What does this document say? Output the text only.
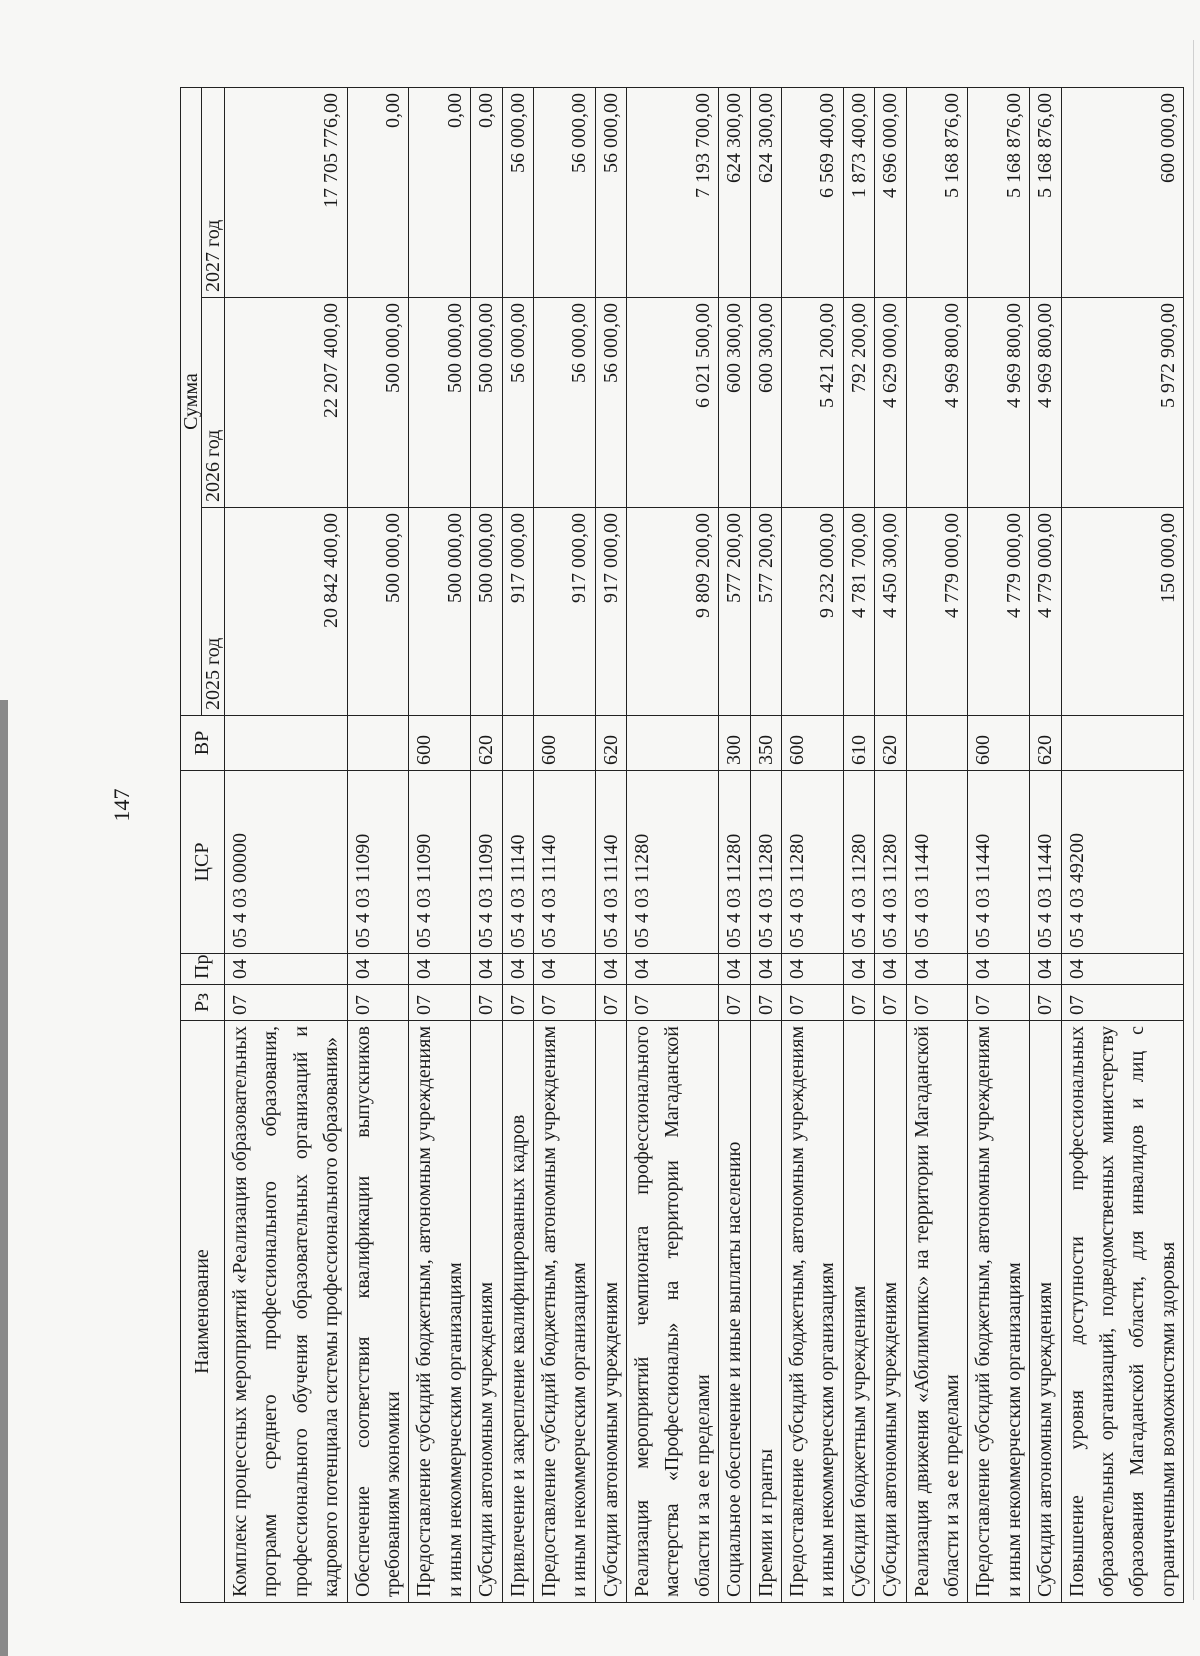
147
Наименование	Рз	Пр	ЦСР	ВР	Сумма		
					2025 год	2026 год	2027 год
Комплекс процессных мероприятий «Реализация образовательных программ среднего профессионального образования, профессионального обучения образовательных организаций и кадрового потенциала системы профессионального образования»	07	04	05 4 03 00000		20 842 400,00	22 207 400,00	17 705 776,00
Обеспечение соответствия квалификации выпускников требованиям экономики	07	04	05 4 03 11090		500 000,00	500 000,00	0,00
Предоставление субсидий бюджетным, автономным учреждениям и иным некоммерческим организациям	07	04	05 4 03 11090	600	500 000,00	500 000,00	0,00
Субсидии автономным учреждениям	07	04	05 4 03 11090	620	500 000,00	500 000,00	0,00
Привлечение и закрепление квалифицированных кадров	07	04	05 4 03 11140		917 000,00	56 000,00	56 000,00
Предоставление субсидий бюджетным, автономным учреждениям и иным некоммерческим организациям	07	04	05 4 03 11140	600	917 000,00	56 000,00	56 000,00
Субсидии автономным учреждениям	07	04	05 4 03 11140	620	917 000,00	56 000,00	56 000,00
Реализация мероприятий чемпионата профессионального мастерства «Профессионалы» на территории Магаданской области и за ее пределами	07	04	05 4 03 11280		9 809 200,00	6 021 500,00	7 193 700,00
Социальное обеспечение и иные выплаты населению	07	04	05 4 03 11280	300	577 200,00	600 300,00	624 300,00
Премии и гранты	07	04	05 4 03 11280	350	577 200,00	600 300,00	624 300,00
Предоставление субсидий бюджетным, автономным учреждениям и иным некоммерческим организациям	07	04	05 4 03 11280	600	9 232 000,00	5 421 200,00	6 569 400,00
Субсидии бюджетным учреждениям	07	04	05 4 03 11280	610	4 781 700,00	792 200,00	1 873 400,00
Субсидии автономным учреждениям	07	04	05 4 03 11280	620	4 450 300,00	4 629 000,00	4 696 000,00
Реализация движения «Абилимпикс» на территории Магаданской области и за ее пределами	07	04	05 4 03 11440		4 779 000,00	4 969 800,00	5 168 876,00
Предоставление субсидий бюджетным, автономным учреждениям и иным некоммерческим организациям	07	04	05 4 03 11440	600	4 779 000,00	4 969 800,00	5 168 876,00
Субсидии автономным учреждениям	07	04	05 4 03 11440	620	4 779 000,00	4 969 800,00	5 168 876,00
Повышение уровня доступности профессиональных образовательных организаций, подведомственных министерству образования Магаданской области, для инвалидов и лиц с ограниченными возможностями здоровья	07	04	05 4 03 49200		150 000,00	5 972 900,00	600 000,00
